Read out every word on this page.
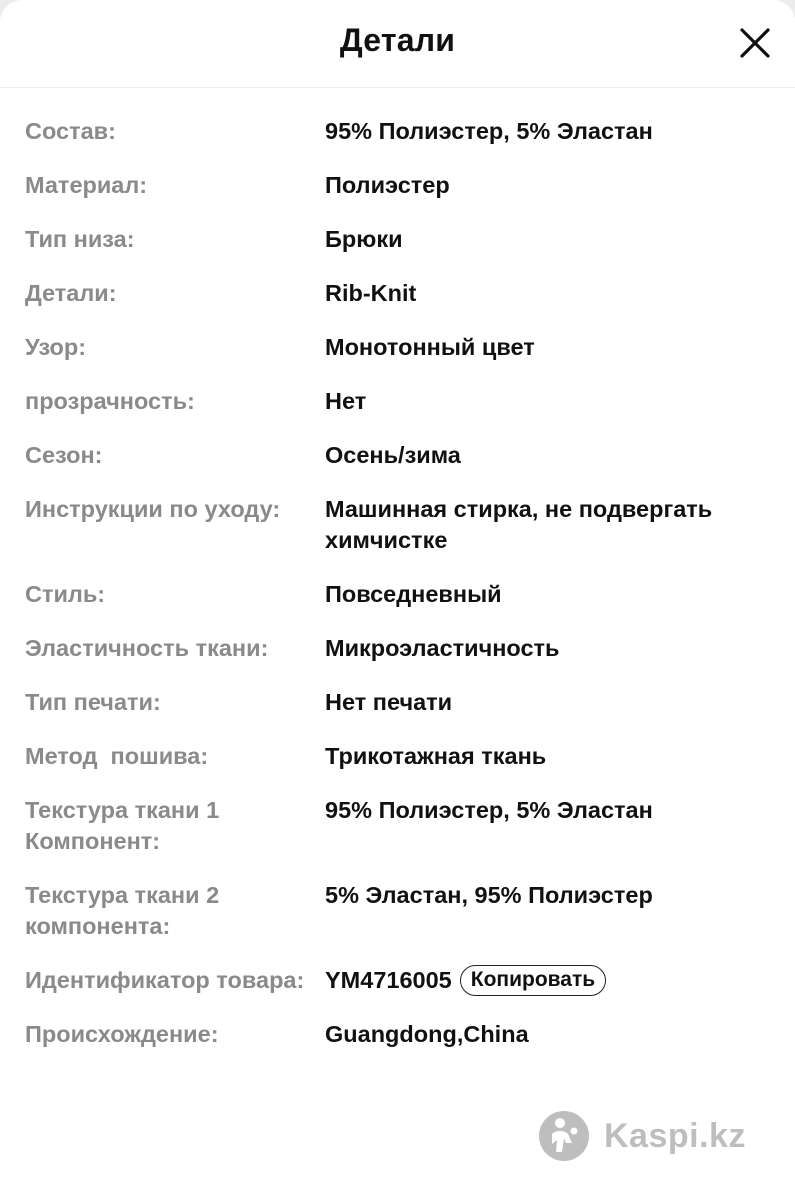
Детали
Состав:	95% Полиэстер, 5% Эластан
Материал:	Полиэстер
Тип низа:	Брюки
Детали:	Rib-Knit
Узор:	Монотонный цвет
прозрачность:	Нет
Сезон:	Осень/зима
Инструкции по уходу:	Машинная стирка, не подвергать химчистке
Стиль:	Повседневный
Эластичность ткани:	Микроэластичность
Тип печати:	Нет печати
Метод  пошива:	Трикотажная ткань
Текстура ткани 1 Компонент:
95% Полиэстер, 5% Эластан
Текстура ткани 2 компонента:
5% Эластан, 95% Полиэстер
Идентификатор товара: YM4716005 Копировать
Происхождение:	Guangdong,China
Kaspi.kz
